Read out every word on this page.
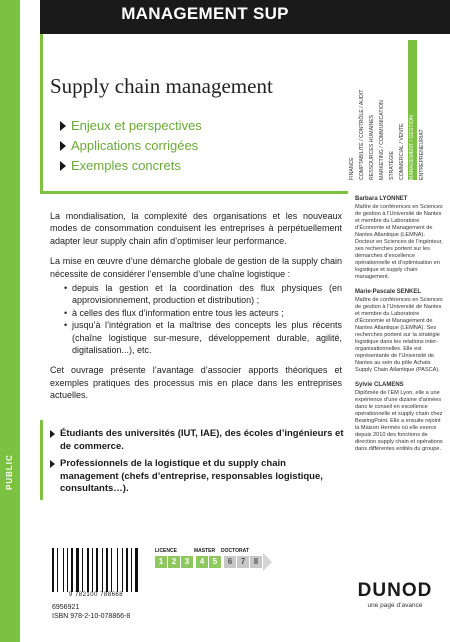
PUBLIC
MANAGEMENT SUP
Supply chain management
Enjeux et perspectives
Applications corrigées
Exemples concrets	FINANCE COMPTABILITÉ / CONTRÔLE / AUDIT RESSOURCES HUMAINES MARKETING / COMMUNICATION STRATÉGIE COMMERCIAL / VENTE MANAGEMENT / GESTION ENTREPRENEURIAT

La mondialisation, la complexité des organisations et les nouveaux modes de consommation conduisent les entreprises à perpétuellement adapter leur supply chain afin d’optimiser leur performance.

La mise en œuvre d’une démarche globale de gestion de la supply chain nécessite de considérer l’ensemble d’une chaîne logistique :

• depuis la gestion et la coordination des flux physiques (en approvisionnement, production et distribution) ;
• à celles des flux d’information entre tous les acteurs ;
• jusqu’à l’intégration et la maîtrise des concepts les plus récents (chaîne logistique sur-mesure, développement durable, agilité, digitalisation...), etc.

Cet ouvrage présente l’avantage d’associer apports théoriques et exemples pratiques des processus mis en place dans les entreprises actuelles.

Barbara LYONNET
Maître de conférences en Sciences de gestion à l’Université de Nantes et membre du Laboratoire d’Économie et Management de Nantes Atlantique (LEMNA). Docteur en Sciences de l’ingénieur, ses recherches portent sur les démarches d’excellence opérationnelle et d’optimisation en logistique et supply chain management.
Marie-Pascale SENKEL
Maître de conférences en Sciences de gestion à l’Université de Nantes et membre du Laboratoire d’Économie et Management de Nantes Atlantique (LEMNA). Ses recherches portent sur la stratégie logistique dans les relations inter-organisationnelles. Elle est représentante de l’Université de Nantes au sein du pôle Achats Supply Chain Atlantique (PASCA).
Sylvie CLAMENS
Diplômée de l’EM Lyon, elle a une expérience d’une dizaine d’années dans le conseil en excellence opérationnelle et supply chain chez BearingPoint. Elle a ensuite rejoint la Maison Hermès où elle exerce depuis 2010 des fonctions de direction supply chain et opérations dans différentes entités du groupe.
Étudiants des universités (IUT, IAE), des écoles d’ingénieurs et de commerce.
Professionnels de la logistique et du supply chain management (chefs d’entreprise, responsables logistique, consultants…).
9 782100 788668
6956921
ISBN 978-2-10-078866-8
LICENCE	MASTER	DOCTORAT
1	2	3	4	5	6	7	8
DUNOD
une page d’avance
